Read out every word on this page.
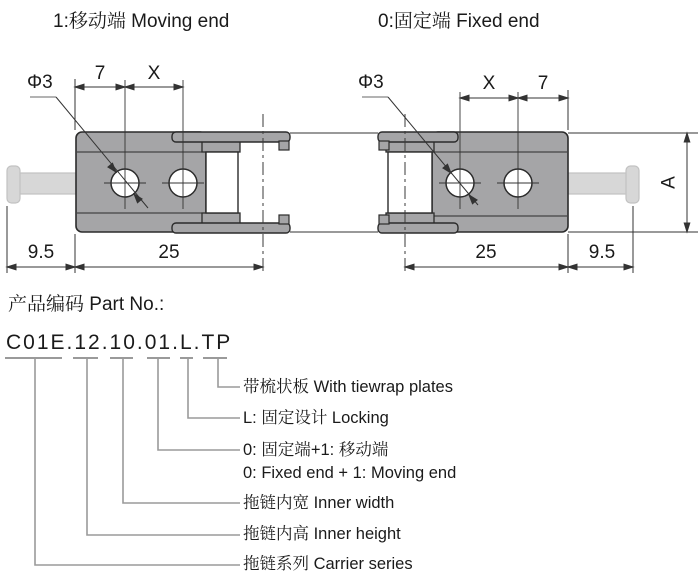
1:移动端 Moving end	0:固定端 Fixed end
Φ3	7	X
9.5	25
Φ3	X	7
25	9.5
A
产品编码 Part No.:
C01E.12.10.01.L.TP
带梳状板 With tiewrap plates
L: 固定设计 Locking
0: 固定端+1: 移动端
0: Fixed end + 1: Moving end
拖链内宽 Inner width
拖链内高 Inner height
拖链系列 Carrier series
